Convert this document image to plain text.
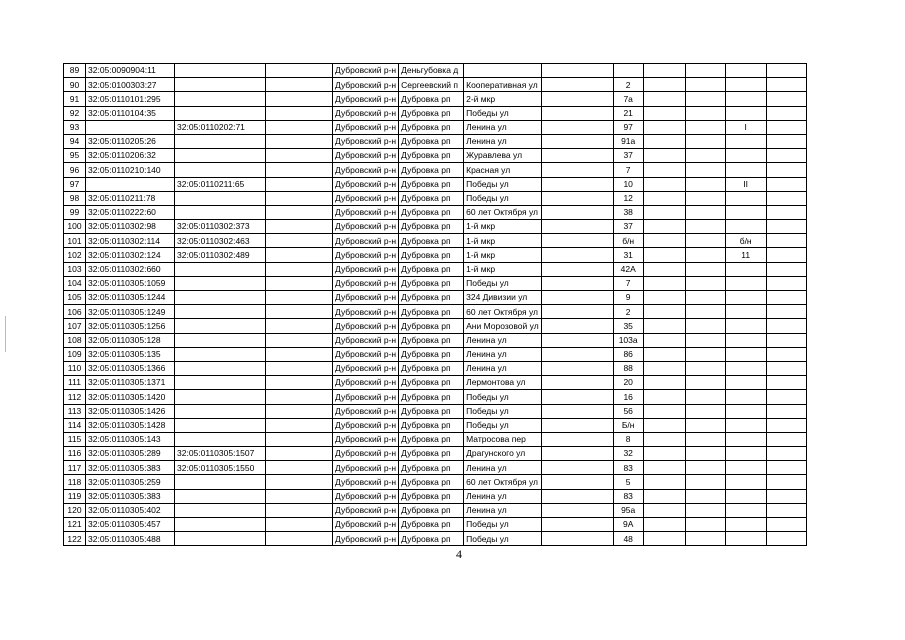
89	32:05:0090904:11			Дубровский р-н	Деньгубовка д							
90	32:05:0100303:27			Дубровский р-н	Сергеевский п	Кооперативная ул		2				
91	32:05:0110101:295			Дубровский р-н	Дубровка рп	2-й мкр		7а				
92	32:05:0110104:35			Дубровский р-н	Дубровка рп	Победы ул		21				
93		32:05:0110202:71		Дубровский р-н	Дубровка рп	Ленина ул		97			I	
94	32:05:0110205:26			Дубровский р-н	Дубровка рп	Ленина ул		91а				
95	32:05:0110206:32			Дубровский р-н	Дубровка рп	Журавлева ул		37				
96	32:05:0110210:140			Дубровский р-н	Дубровка рп	Красная ул		7				
97		32:05:0110211:65		Дубровский р-н	Дубровка рп	Победы ул		10			II	
98	32:05:0110211:78			Дубровский р-н	Дубровка рп	Победы ул		12				
99	32:05:0110222:60			Дубровский р-н	Дубровка рп	60 лет Октября ул		38				
100	32:05:0110302:98	32:05:0110302:373		Дубровский р-н	Дубровка рп	1-й мкр		37				
101	32:05:0110302:114	32:05:0110302:463		Дубровский р-н	Дубровка рп	1-й мкр		б/н			б/н	
102	32:05:0110302:124	32:05:0110302:489		Дубровский р-н	Дубровка рп	1-й мкр		31			11	
103	32:05:0110302:660			Дубровский р-н	Дубровка рп	1-й мкр		42А				
104	32:05:0110305:1059			Дубровский р-н	Дубровка рп	Победы ул		7				
105	32:05:0110305:1244			Дубровский р-н	Дубровка рп	324 Дивизии ул		9				
106	32:05:0110305:1249			Дубровский р-н	Дубровка рп	60 лет Октября ул		2				
107	32:05:0110305:1256			Дубровский р-н	Дубровка рп	Ани Морозовой ул		35				
108	32:05:0110305:128			Дубровский р-н	Дубровка рп	Ленина ул		103а				
109	32:05:0110305:135			Дубровский р-н	Дубровка рп	Ленина ул		86				
110	32:05:0110305:1366			Дубровский р-н	Дубровка рп	Ленина ул		88				
111	32:05:0110305:1371			Дубровский р-н	Дубровка рп	Лермонтова ул		20				
112	32:05:0110305:1420			Дубровский р-н	Дубровка рп	Победы ул		16				
113	32:05:0110305:1426			Дубровский р-н	Дубровка рп	Победы ул		56				
114	32:05:0110305:1428			Дубровский р-н	Дубровка рп	Победы ул		Б/н				
115	32:05:0110305:143			Дубровский р-н	Дубровка рп	Матросова пер		8				
116	32:05:0110305:289	32:05:0110305:1507		Дубровский р-н	Дубровка рп	Драгунского ул		32				
117	32:05:0110305:383	32:05:0110305:1550		Дубровский р-н	Дубровка рп	Ленина ул		83				
118	32:05:0110305:259			Дубровский р-н	Дубровка рп	60 лет Октября ул		5				
119	32:05:0110305:383			Дубровский р-н	Дубровка рп	Ленина ул		83				
120	32:05:0110305:402			Дубровский р-н	Дубровка рп	Ленина ул		95а				
121	32:05:0110305:457			Дубровский р-н	Дубровка рп	Победы ул		9А				
122	32:05:0110305:488			Дубровский р-н	Дубровка рп	Победы ул		48				
4
